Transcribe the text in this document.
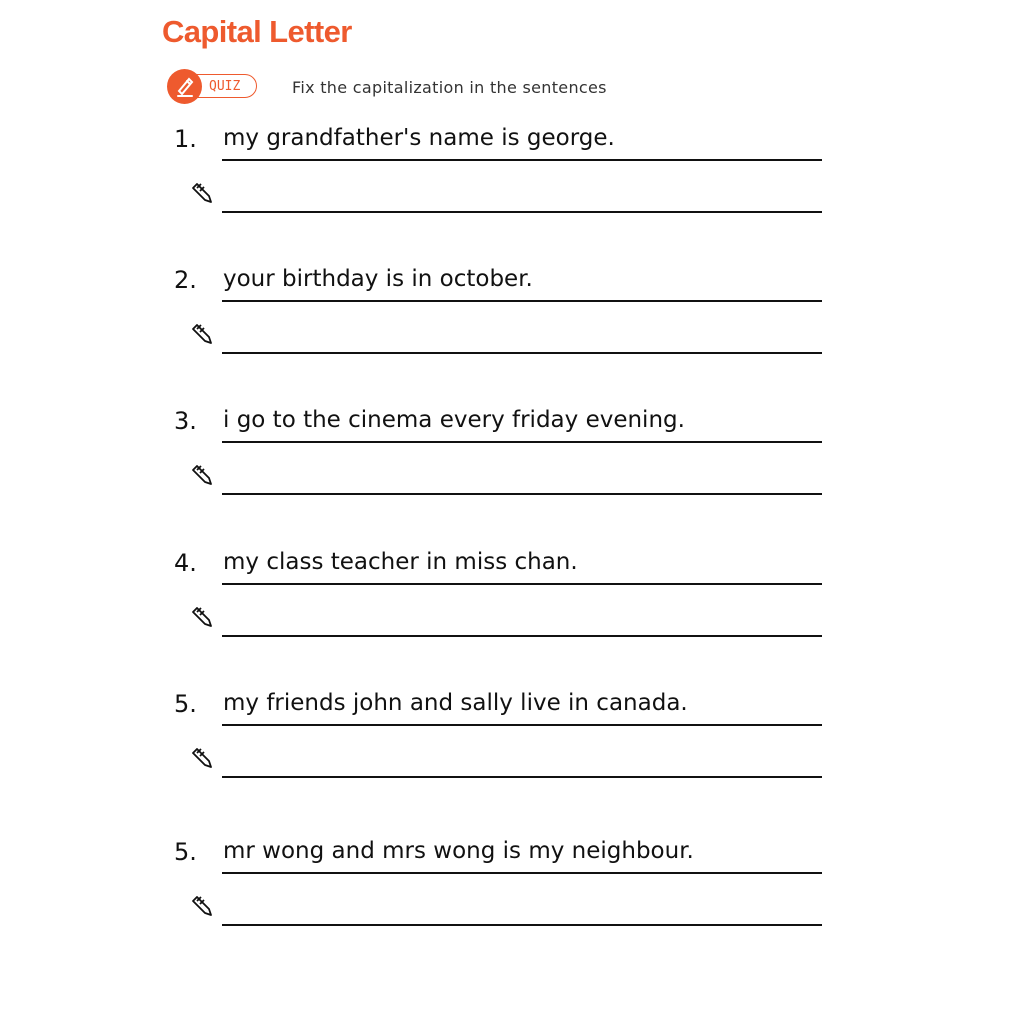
Capital Letter
QUIZ	Fix the capitalization in the sentences
1. my grandfather's name is george.
2. your birthday is in october.
3. i go to the cinema every friday evening.
4. my class teacher in miss chan.
5. my friends john and sally live in canada.
5. mr wong and mrs wong is my neighbour.
